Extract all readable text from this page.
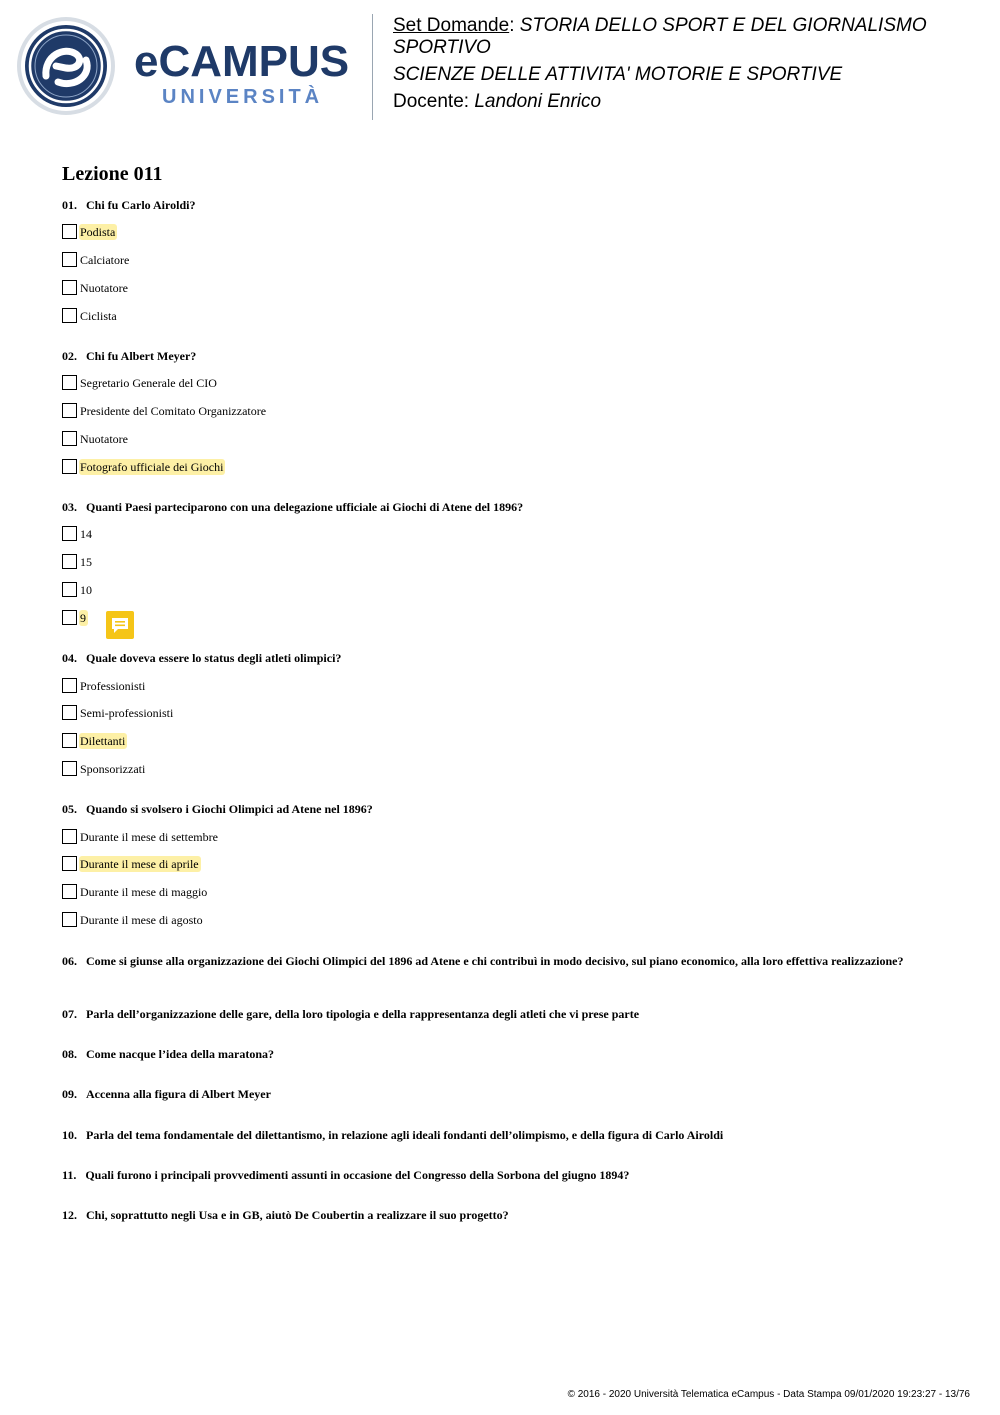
eCAMPUS
UNIVERSITÀ
Set Domande: STORIA DELLO SPORT E DEL GIORNALISMO
SPORTIVO
SCIENZE DELLE ATTIVITA' MOTORIE E SPORTIVE
Docente: Landoni Enrico
Lezione 011
01. Chi fu Carlo Airoldi?
Podista
Calciatore
Nuotatore
Ciclista
02. Chi fu Albert Meyer?
Segretario Generale del CIO
Presidente del Comitato Organizzatore
Nuotatore
Fotografo ufficiale dei Giochi
03. Quanti Paesi parteciparono con una delegazione ufficiale ai Giochi di Atene del 1896?
14
15
10
9
04. Quale doveva essere lo status degli atleti olimpici?
Professionisti
Semi-professionisti
Dilettanti
Sponsorizzati
05. Quando si svolsero i Giochi Olimpici ad Atene nel 1896?
Durante il mese di settembre
Durante il mese di aprile
Durante il mese di maggio
Durante il mese di agosto
06. Come si giunse alla organizzazione dei Giochi Olimpici del 1896 ad Atene e chi contribuì in modo decisivo, sul piano economico, alla loro effettiva realizzazione?
07. Parla dell’organizzazione delle gare, della loro tipologia e della rappresentanza degli atleti che vi prese parte
08. Come nacque l’idea della maratona?
09. Accenna alla figura di Albert Meyer
10. Parla del tema fondamentale del dilettantismo, in relazione agli ideali fondanti dell’olimpismo, e della figura di Carlo Airoldi
11. Quali furono i principali provvedimenti assunti in occasione del Congresso della Sorbona del giugno 1894?
12. Chi, soprattutto negli Usa e in GB, aiutò De Coubertin a realizzare il suo progetto?
© 2016 - 2020 Università Telematica eCampus - Data Stampa 09/01/2020 19:23:27 - 13/76
